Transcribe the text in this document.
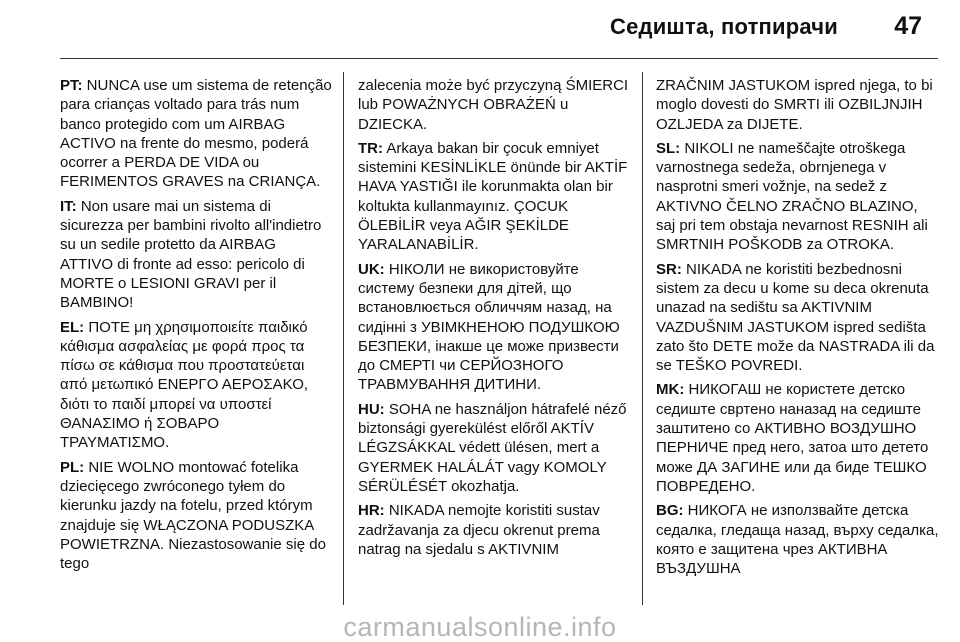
Седишта, потпирачи 47

PT: NUNCA use um sistema de retenção para crianças voltado para trás num banco protegido com um AIRBAG ACTIVO na frente do mesmo, poderá ocorrer a PERDA DE VIDA ou FERIMENTOS GRAVES na CRIANÇA.

IT: Non usare mai un sistema di sicurezza per bambini rivolto all'indietro su un sedile protetto da AIRBAG ATTIVO di fronte ad esso: pericolo di MORTE o LESIONI GRAVI per il BAMBINO!

EL: ΠΟΤΕ μη χρησιμοποιείτε παιδικό κάθισμα ασφαλείας με φορά προς τα πίσω σε κάθισμα που προστατεύεται από μετωπικό ΕΝΕΡΓΟ ΑΕΡΟΣΑΚΟ, διότι το παιδί μπορεί να υποστεί ΘΑΝΑΣΙΜΟ ή ΣΟΒΑΡΟ ΤΡΑΥΜΑΤΙΣΜΟ.

PL: NIE WOLNO montować fotelika dziecięcego zwróconego tyłem do kierunku jazdy na fotelu, przed którym znajduje się WŁĄCZONA PODUSZKA POWIETRZNA. Niezastosowanie się do tego

zalecenia może być przyczyną ŚMIERCI lub POWAŻNYCH OBRAŻEŃ u DZIECKA.

TR: Arkaya bakan bir çocuk emniyet sistemini KESİNLİKLE önünde bir AKTİF HAVA YASTIĞI ile korunmakta olan bir koltukta kullanmayınız. ÇOCUK ÖLEBİLİR veya AĞIR ŞEKİLDE YARALANABİLİR.

UK: НІКОЛИ не використовуйте систему безпеки для дітей, що встановлюється обличчям назад, на сидінні з УВІМКНЕНОЮ ПОДУШКОЮ БЕЗПЕКИ, інакше це може призвести до СМЕРТІ чи СЕРЙОЗНОГО ТРАВМУВАННЯ ДИТИНИ.

HU: SOHA ne használjon hátrafelé néző biztonsági gyerekülést előről AKTÍV LÉGZSÁKKAL védett ülésen, mert a GYERMEK HALÁLÁT vagy KOMOLY SÉRÜLÉSÉT okozhatja.

HR: NIKADA nemojte koristiti sustav zadržavanja za djecu okrenut prema natrag na sjedalu s AKTIVNIM

ZRAČNIM JASTUKOM ispred njega, to bi moglo dovesti do SMRTI ili OZBILJNJIH OZLJEDA za DIJETE.

SL: NIKOLI ne nameščajte otroškega varnostnega sedeža, obrnjenega v nasprotni smeri vožnje, na sedež z AKTIVNO ČELNO ZRAČNO BLAZINO, saj pri tem obstaja nevarnost RESNIH ali SMRTNIH POŠKODB za OTROKA.

SR: NIKADA ne koristiti bezbednosni sistem za decu u kome su deca okrenuta unazad na sedištu sa AKTIVNIM VAZDUŠNIM JASTUKOM ispred sedišta zato što DETE može da NASTRADA ili da se TEŠKO POVREDI.

MK: НИКОГАШ не користете детско седиште свртено наназад на седиште заштитено со АКТИВНО ВОЗДУШНО ПЕРНИЧЕ пред него, затоа што детето може ДА ЗАГИНЕ или да биде ТЕШКО ПОВРЕДЕНО.

BG: НИКОГА не използвайте детска седалка, гледаща назад, върху седалка, която е защитена чрез АКТИВНА ВЪЗДУШНА

carmanualsonline.info
